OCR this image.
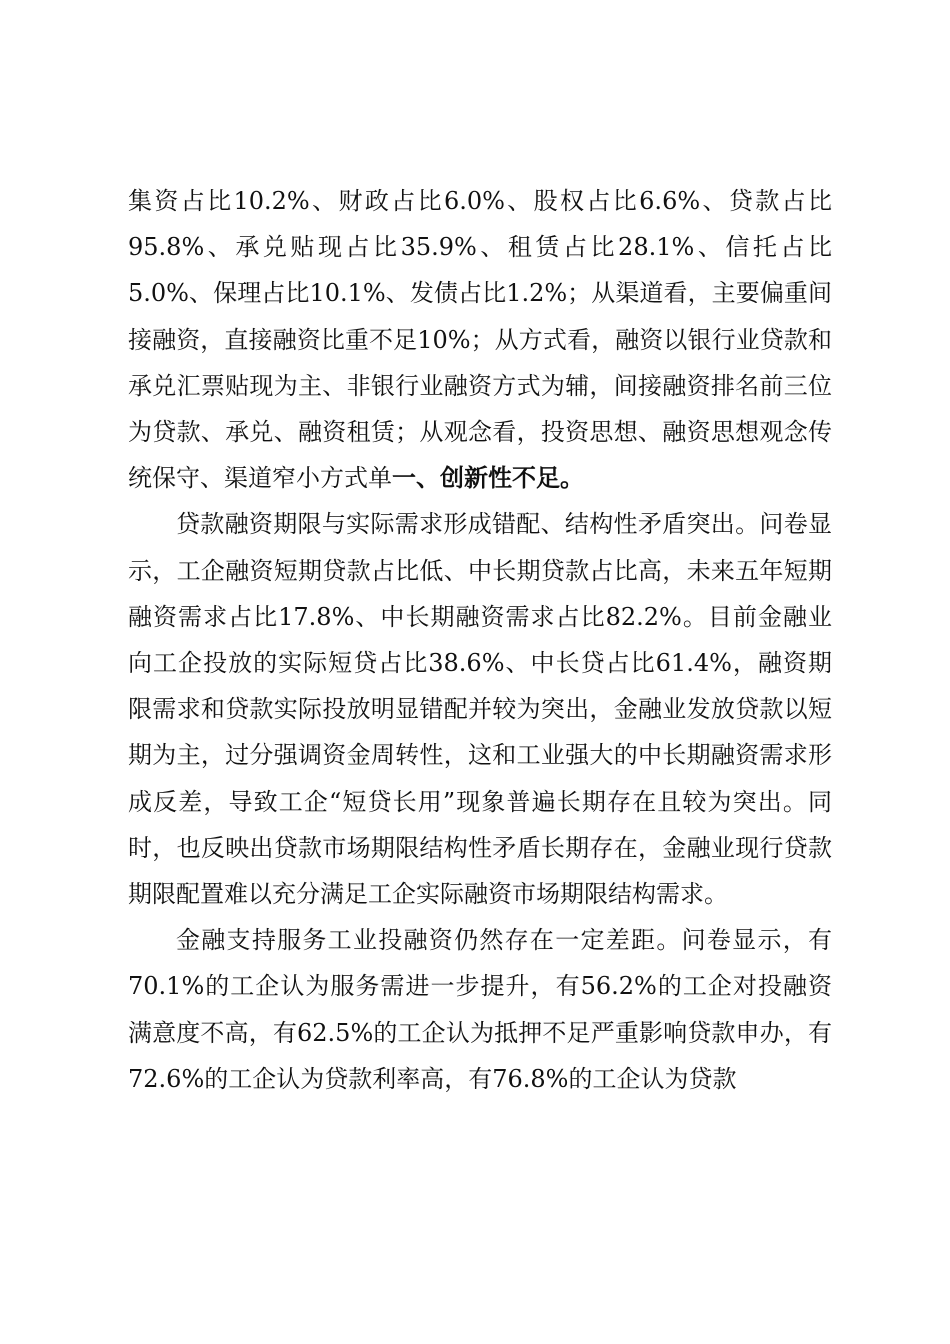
集资占比10.2%、财政占比6.0%、股权占比6.6%、贷款占比95.8%、承兑贴现占比35.9%、租赁占比28.1%、信托占比5.0%、保理占比10.1%、发债占比1.2%；从渠道看，主要偏重间接融资，直接融资比重不足10%；从方式看，融资以银行业贷款和承兑汇票贴现为主、非银行业融资方式为辅，间接融资排名前三位为贷款、承兑、融资租赁；从观念看，投资思想、融资思想观念传统保守、渠道窄小方式单一、创新性不足。

贷款融资期限与实际需求形成错配、结构性矛盾突出。问卷显示，工企融资短期贷款占比低、中长期贷款占比高，未来五年短期融资需求占比17.8%、中长期融资需求占比82.2%。目前金融业向工企投放的实际短贷占比38.6%、中长贷占比61.4%，融资期限需求和贷款实际投放明显错配并较为突出，金融业发放贷款以短期为主，过分强调资金周转性，这和工业强大的中长期融资需求形成反差，导致工企“短贷长用”现象普遍长期存在且较为突出。同时，也反映出贷款市场期限结构性矛盾长期存在，金融业现行贷款期限配置难以充分满足工企实际融资市场期限结构需求。

金融支持服务工业投融资仍然存在一定差距。问卷显示，有70.1%的工企认为服务需进一步提升，有56.2%的工企对投融资满意度不高，有62.5%的工企认为抵押不足严重影响贷款申办，有72.6%的工企认为贷款利率高，有76.8%的工企认为贷款
